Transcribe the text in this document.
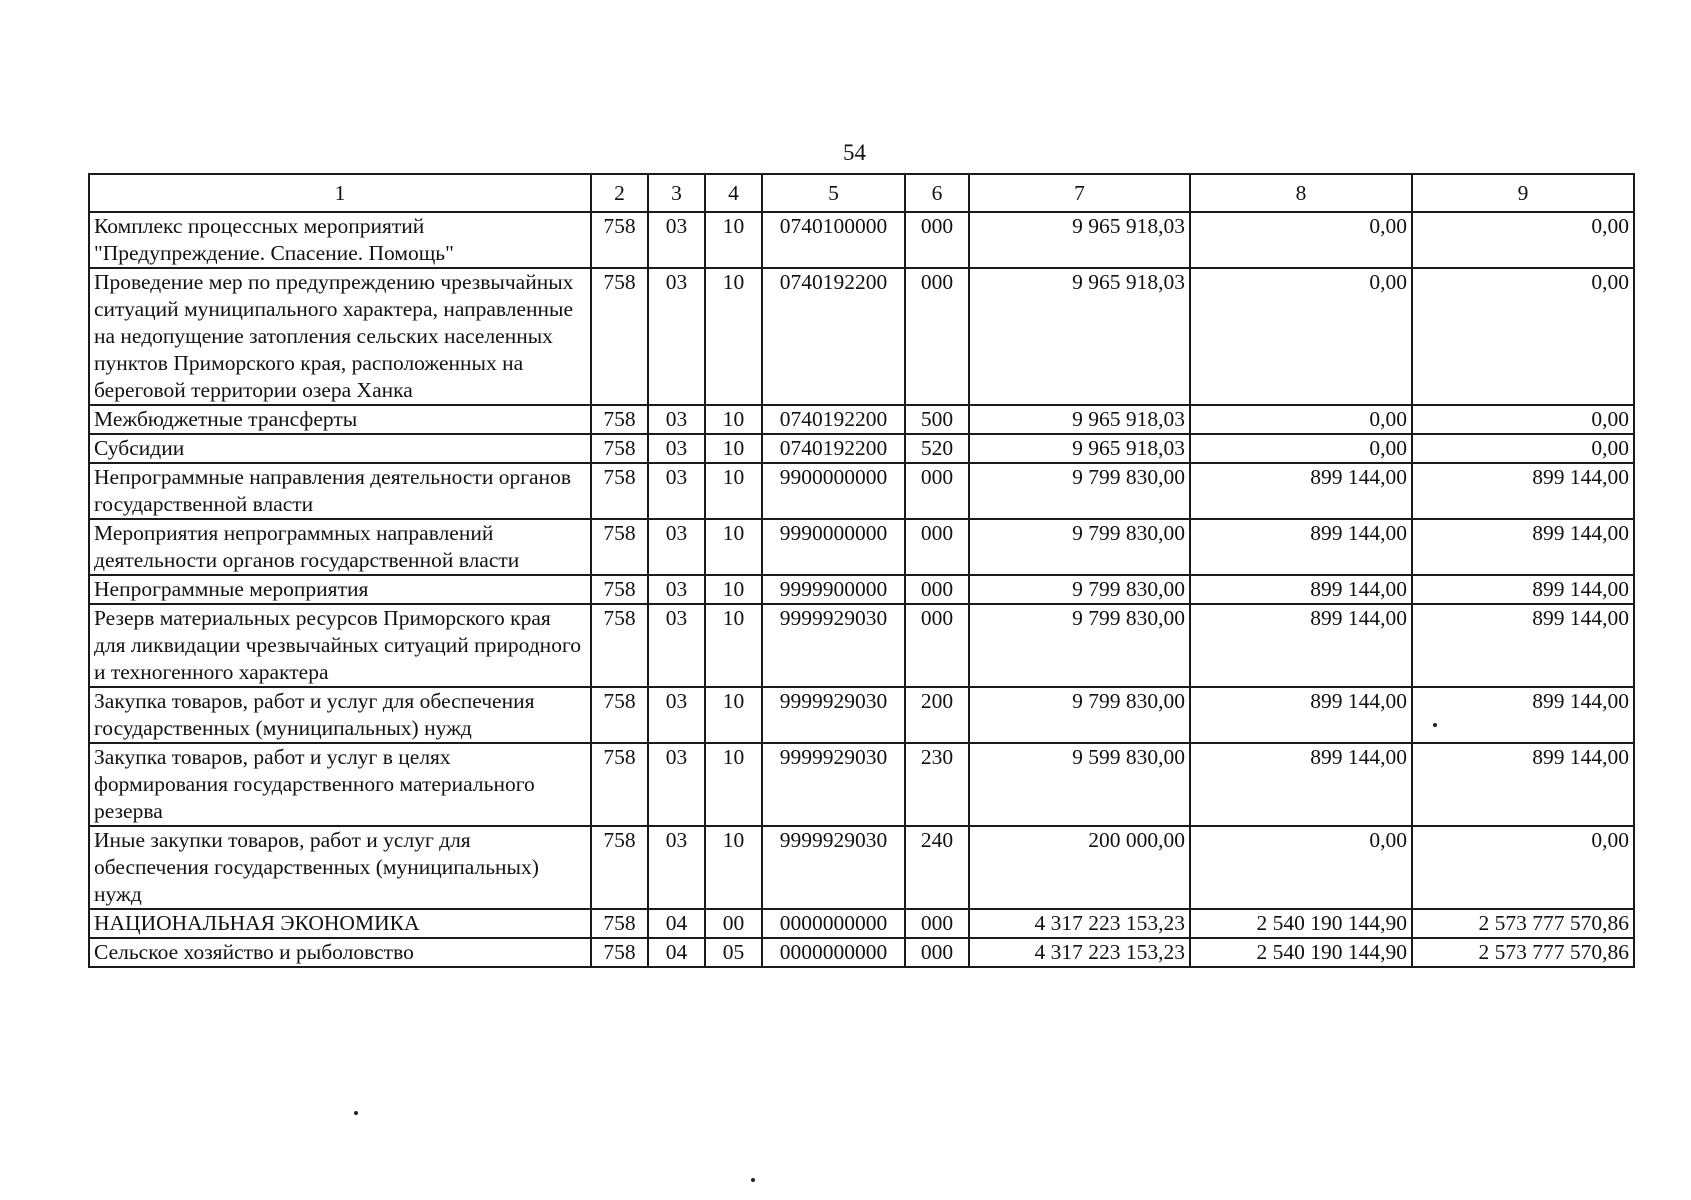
54
1	2	3	4	5	6	7	8	9
Комплекс процессных мероприятий "Предупреждение. Спасение. Помощь"	758	03	10	0740100000	000	9 965 918,03	0,00	0,00
Проведение мер по предупреждению чрезвычайных ситуаций муниципального характера, направленные на недопущение затопления сельских населенных пунктов Приморского края, расположенных на береговой территории озера Ханка	758	03	10	0740192200	000	9 965 918,03	0,00	0,00
Межбюджетные трансферты	758	03	10	0740192200	500	9 965 918,03	0,00	0,00
Субсидии	758	03	10	0740192200	520	9 965 918,03	0,00	0,00
Непрограммные направления деятельности органов государственной власти	758	03	10	9900000000	000	9 799 830,00	899 144,00	899 144,00
Мероприятия непрограммных направлений деятельности органов государственной власти	758	03	10	9990000000	000	9 799 830,00	899 144,00	899 144,00
Непрограммные мероприятия	758	03	10	9999900000	000	9 799 830,00	899 144,00	899 144,00
Резерв материальных ресурсов Приморского края для ликвидации чрезвычайных ситуаций природного и техногенного характера	758	03	10	9999929030	000	9 799 830,00	899 144,00	899 144,00
Закупка товаров, работ и услуг для обеспечения государственных (муниципальных) нужд	758	03	10	9999929030	200	9 799 830,00	899 144,00	899 144,00
Закупка товаров, работ и услуг в целях формирования государственного материального резерва	758	03	10	9999929030	230	9 599 830,00	899 144,00	899 144,00
Иные закупки товаров, работ и услуг для обеспечения государственных (муниципальных) нужд	758	03	10	9999929030	240	200 000,00	0,00	0,00
НАЦИОНАЛЬНАЯ ЭКОНОМИКА	758	04	00	0000000000	000	4 317 223 153,23	2 540 190 144,90	2 573 777 570,86
Сельское хозяйство и рыболовство	758	04	05	0000000000	000	4 317 223 153,23	2 540 190 144,90	2 573 777 570,86
